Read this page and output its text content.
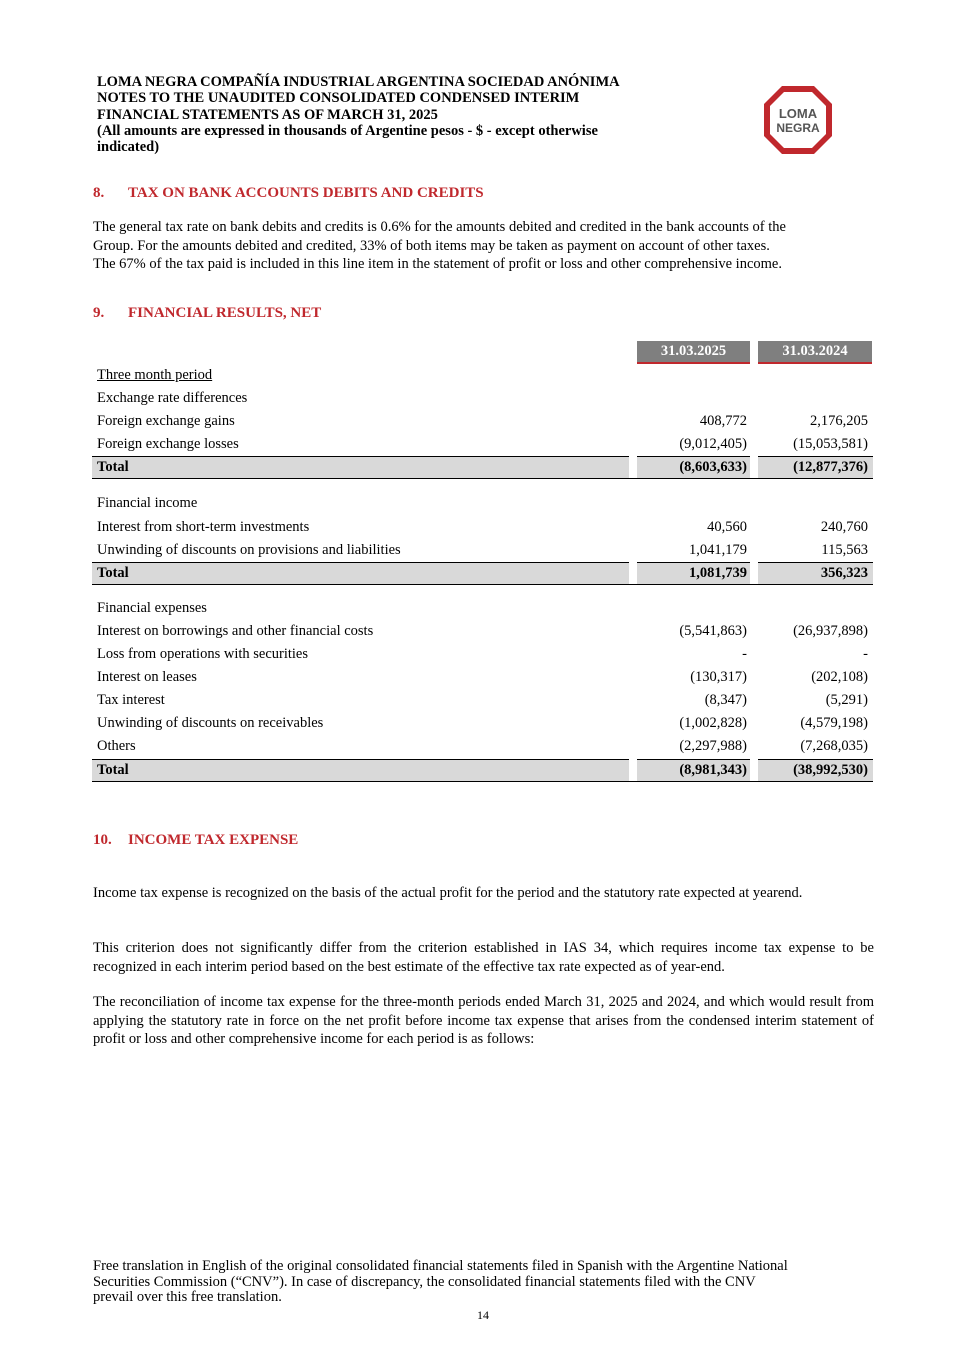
LOMA NEGRA COMPAÑÍA INDUSTRIAL ARGENTINA SOCIEDAD ANÓNIMA
NOTES TO THE UNAUDITED CONSOLIDATED CONDENSED INTERIM
FINANCIAL STATEMENTS AS OF MARCH 31, 2025
(All amounts are expressed in thousands of Argentine pesos - $ - except otherwise
indicated)
LOMA
NEGRA
8. TAX ON BANK ACCOUNTS DEBITS AND CREDITS
The general tax rate on bank debits and credits is 0.6% for the amounts debited and credited in the bank accounts of the
Group. For the amounts debited and credited, 33% of both items may be taken as payment on account of other taxes.
The 67% of the tax paid is included in this line item in the statement of profit or loss and other comprehensive income.
9. FINANCIAL RESULTS, NET
31.03.2025	31.03.2024
Three month period
Exchange rate differences
Foreign exchange gains	408,772	2,176,205
Foreign exchange losses	(9,012,405)	(15,053,581)
Total	(8,603,633)	(12,877,376)
Financial income
Interest from short-term investments	40,560	240,760
Unwinding of discounts on provisions and liabilities	1,041,179	115,563
Total	1,081,739	356,323
Financial expenses
Interest on borrowings and other financial costs	(5,541,863)	(26,937,898)
Loss from operations with securities	-	-
Interest on leases	(130,317)	(202,108)
Tax interest	(8,347)	(5,291)
Unwinding of discounts on receivables	(1,002,828)	(4,579,198)
Others	(2,297,988)	(7,268,035)
Total	(8,981,343)	(38,992,530)
10. INCOME TAX EXPENSE
Income tax expense is recognized on the basis of the actual profit for the period and the statutory rate expected at yearend.
This criterion does not significantly differ from the criterion established in IAS 34, which requires income tax expense to be recognized in each interim period based on the best estimate of the effective tax rate expected as of year-end.
The reconciliation of income tax expense for the three-month periods ended March 31, 2025 and 2024, and which would result from applying the statutory rate in force on the net profit before income tax expense that arises from the condensed interim statement of profit or loss and other comprehensive income for each period is as follows:
Free translation in English of the original consolidated financial statements filed in Spanish with the Argentine National
Securities Commission (“CNV”). In case of discrepancy, the consolidated financial statements filed with the CNV
prevail over this free translation.
14
